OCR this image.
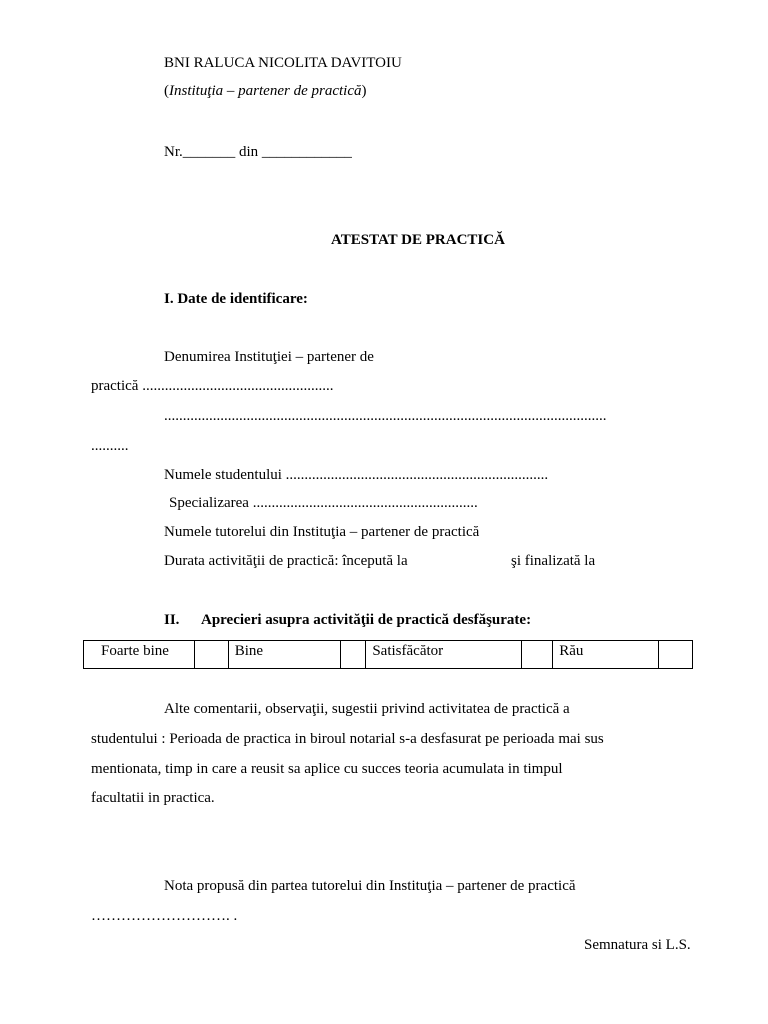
BNI RALUCA NICOLITA DAVITOIU
(Instituţia – partener de practică)
Nr._______ din ____________
ATESTAT DE PRACTICĂ
I. Date de identificare:
Denumirea Instituţiei – partener de
practică ...................................................
......................................................................................................................
..........
Numele studentului ......................................................................
Specializarea ............................................................
Numele tutorelui din Instituţia – partener de practică
Durata activităţii de practică: începută la	şi finalizată la
II. Aprecieri asupra activităţii de practică desfăşurate:
Foarte bine		Bine		Satisfăcător		Rău	
Alte comentarii, observaţii, sugestii privind activitatea de practică a
studentului : Perioada de practica in biroul notarial s-a desfasurat pe perioada mai sus
mentionata, timp in care a reusit sa aplice cu succes teoria acumulata in timpul
facultatii in practica.
Nota propusă din partea tutorelui din Instituţia – partener de practică
………………………. .
Semnatura si L.S.
